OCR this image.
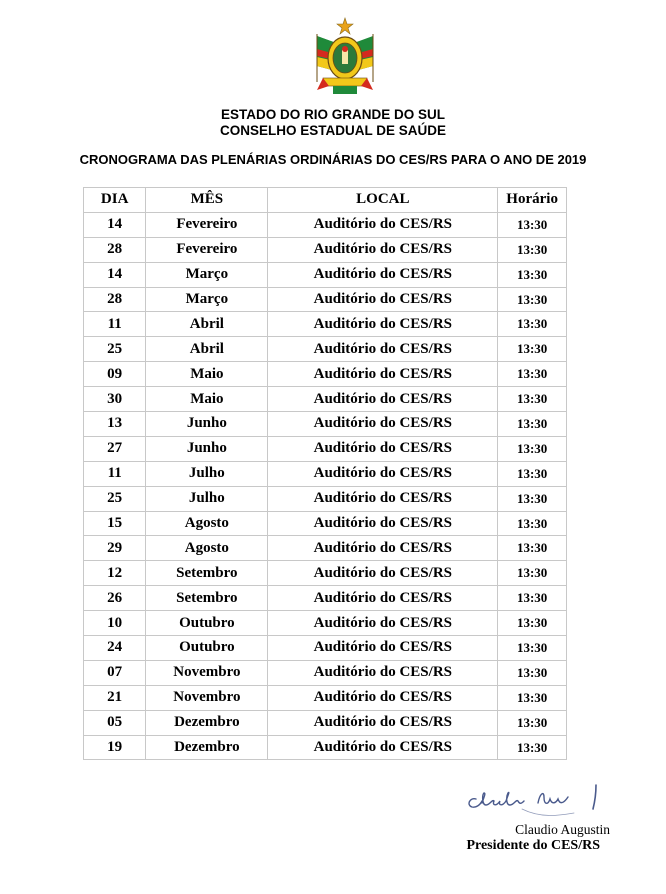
ESTADO DO RIO GRANDE DO SUL
CONSELHO ESTADUAL DE SAÚDE
CRONOGRAMA DAS PLENÁRIAS ORDINÁRIAS DO CES/RS PARA O ANO DE 2019
DIA	MÊS	LOCAL	Horário
14	Fevereiro	Auditório do CES/RS	13:30
28	Fevereiro	Auditório do CES/RS	13:30
14	Março	Auditório do CES/RS	13:30
28	Março	Auditório do CES/RS	13:30
11	Abril	Auditório do CES/RS	13:30
25	Abril	Auditório do CES/RS	13:30
09	Maio	Auditório do CES/RS	13:30
30	Maio	Auditório do CES/RS	13:30
13	Junho	Auditório do CES/RS	13:30
27	Junho	Auditório do CES/RS	13:30
11	Julho	Auditório do CES/RS	13:30
25	Julho	Auditório do CES/RS	13:30
15	Agosto	Auditório do CES/RS	13:30
29	Agosto	Auditório do CES/RS	13:30
12	Setembro	Auditório do CES/RS	13:30
26	Setembro	Auditório do CES/RS	13:30
10	Outubro	Auditório do CES/RS	13:30
24	Outubro	Auditório do CES/RS	13:30
07	Novembro	Auditório do CES/RS	13:30
21	Novembro	Auditório do CES/RS	13:30
05	Dezembro	Auditório do CES/RS	13:30
19	Dezembro	Auditório do CES/RS	13:30
Claudio Augustin
Presidente do CES/RS
